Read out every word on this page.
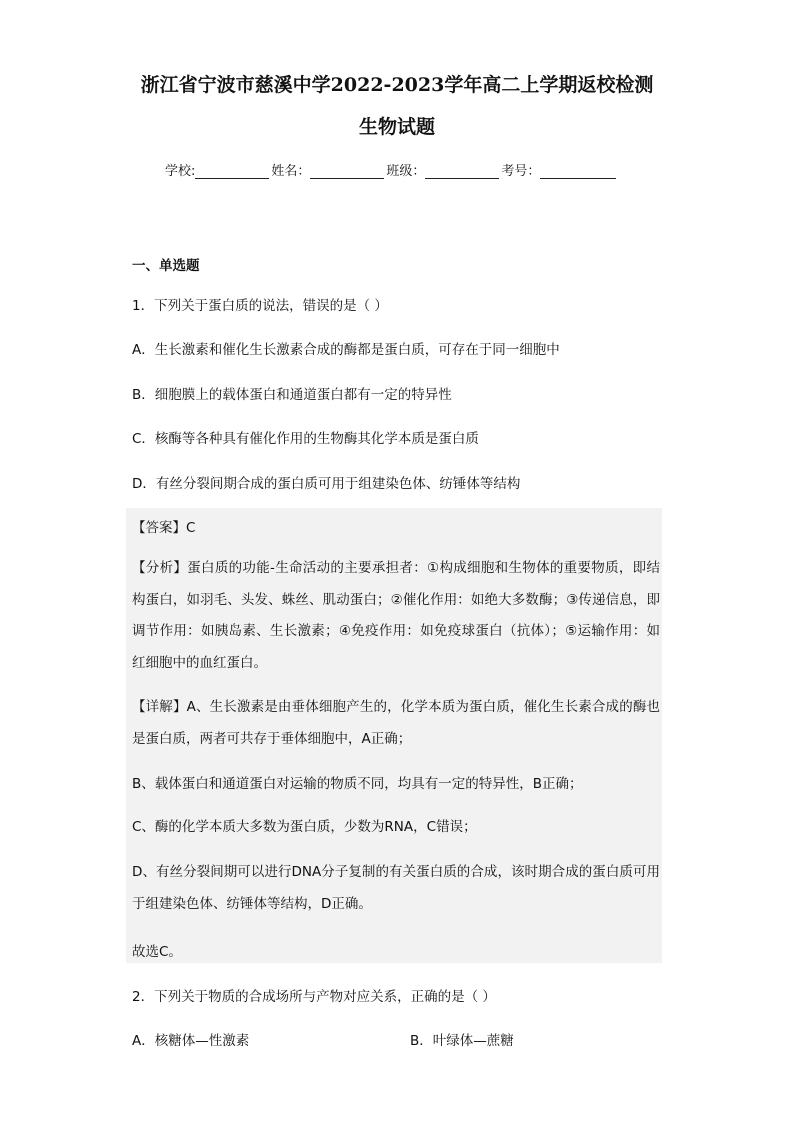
浙江省宁波市慈溪中学2022-2023学年高二上学期返校检测
生物试题
学校:	姓名：	班级：	考号：
一、单选题
1．下列关于蛋白质的说法，错误的是（ ）
A．生长激素和催化生长激素合成的酶都是蛋白质，可存在于同一细胞中
B．细胞膜上的载体蛋白和通道蛋白都有一定的特异性
C．核酶等各种具有催化作用的生物酶其化学本质是蛋白质
D．有丝分裂间期合成的蛋白质可用于组建染色体、纺锤体等结构
【答案】C
【分析】蛋白质的功能-生命活动的主要承担者：①构成细胞和生物体的重要物质，即结构蛋白，如羽毛、头发、蛛丝、肌动蛋白；②催化作用：如绝大多数酶；③传递信息，即调节作用：如胰岛素、生长激素；④免疫作用：如免疫球蛋白（抗体）；⑤运输作用：如红细胞中的血红蛋白。
【详解】A、生长激素是由垂体细胞产生的，化学本质为蛋白质，催化生长素合成的酶也是蛋白质，两者可共存于垂体细胞中，A正确；
B、载体蛋白和通道蛋白对运输的物质不同，均具有一定的特异性，B正确；
C、酶的化学本质大多数为蛋白质，少数为RNA，C错误；
D、有丝分裂间期可以进行DNA分子复制的有关蛋白质的合成，该时期合成的蛋白质可用于组建染色体、纺锤体等结构，D正确。
故选C。
2．下列关于物质的合成场所与产物对应关系，正确的是（ ）
A．核糖体—性激素	B．叶绿体—蔗糖
